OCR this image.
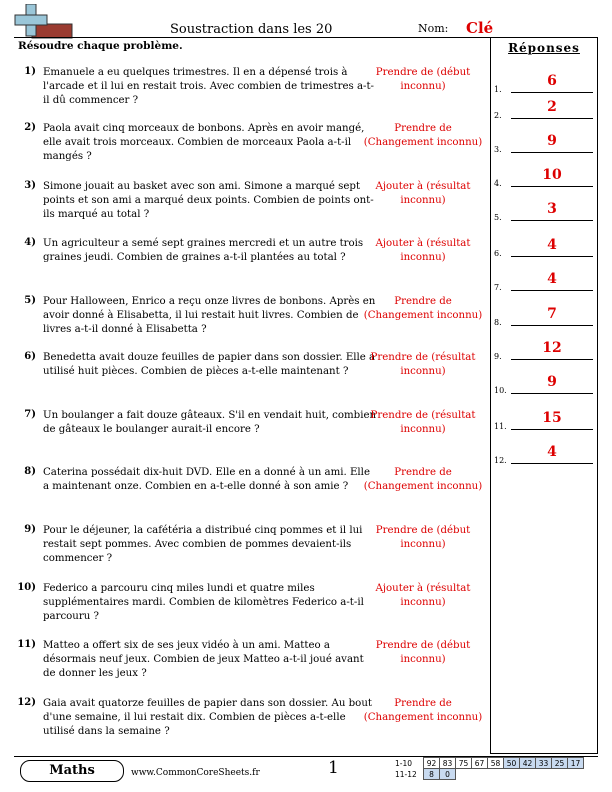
Soustraction dans les 20	Nom: Clé
Résoudre chaque problème.	Réponses
1) Emanuele a eu quelques trimestres. Il en a dépensé trois à l'arcade et il lui en restait trois. Avec combien de trimestres a-t-il dû commencer ?
Prendre de (début inconnu)
2) Paola avait cinq morceaux de bonbons. Après en avoir mangé, elle avait trois morceaux. Combien de morceaux Paola a-t-il mangés ?
Prendre de (Changement inconnu)
3) Simone jouait au basket avec son ami. Simone a marqué sept points et son ami a marqué deux points. Combien de points ont-ils marqué au total ?
Ajouter à (résultat inconnu)
4) Un agriculteur a semé sept graines mercredi et un autre trois graines jeudi. Combien de graines a-t-il plantées au total ?
Ajouter à (résultat inconnu)
5) Pour Halloween, Enrico a reçu onze livres de bonbons. Après en avoir donné à Elisabetta, il lui restait huit livres. Combien de livres a-t-il donné à Elisabetta ?
Prendre de (Changement inconnu)
6) Benedetta avait douze feuilles de papier dans son dossier. Elle a utilisé huit pièces. Combien de pièces a-t-elle maintenant ?
Prendre de (résultat inconnu)
7) Un boulanger a fait douze gâteaux. S'il en vendait huit, combien de gâteaux le boulanger aurait-il encore ?
Prendre de (résultat inconnu)
8) Caterina possédait dix-huit DVD. Elle en a donné à un ami. Elle a maintenant onze. Combien en a-t-elle donné à son amie ?
Prendre de (Changement inconnu)
9) Pour le déjeuner, la cafétéria a distribué cinq pommes et il lui restait sept pommes. Avec combien de pommes devaient-ils commencer ?
Prendre de (début inconnu)
10) Federico a parcouru cinq miles lundi et quatre miles supplémentaires mardi. Combien de kilomètres Federico a-t-il parcouru ?
Ajouter à (résultat inconnu)
11) Matteo a offert six de ses jeux vidéo à un ami. Matteo a désormais neuf jeux. Combien de jeux Matteo a-t-il joué avant de donner les jeux ?
Prendre de (début inconnu)
12) Gaia avait quatorze feuilles de papier dans son dossier. Au bout d'une semaine, il lui restait dix. Combien de pièces a-t-elle utilisé dans la semaine ?
Prendre de (Changement inconnu)
1.
6
2.
2
3.
9
4.
10
5.
3
6.
4
7.
4
8.
7
9.
12
10.
9
11.
15
12.
4
Maths	www.CommonCoreSheets.fr	1	1-10	92	83	75	67	58	50	42	33	25	17
11-12	8	0								
